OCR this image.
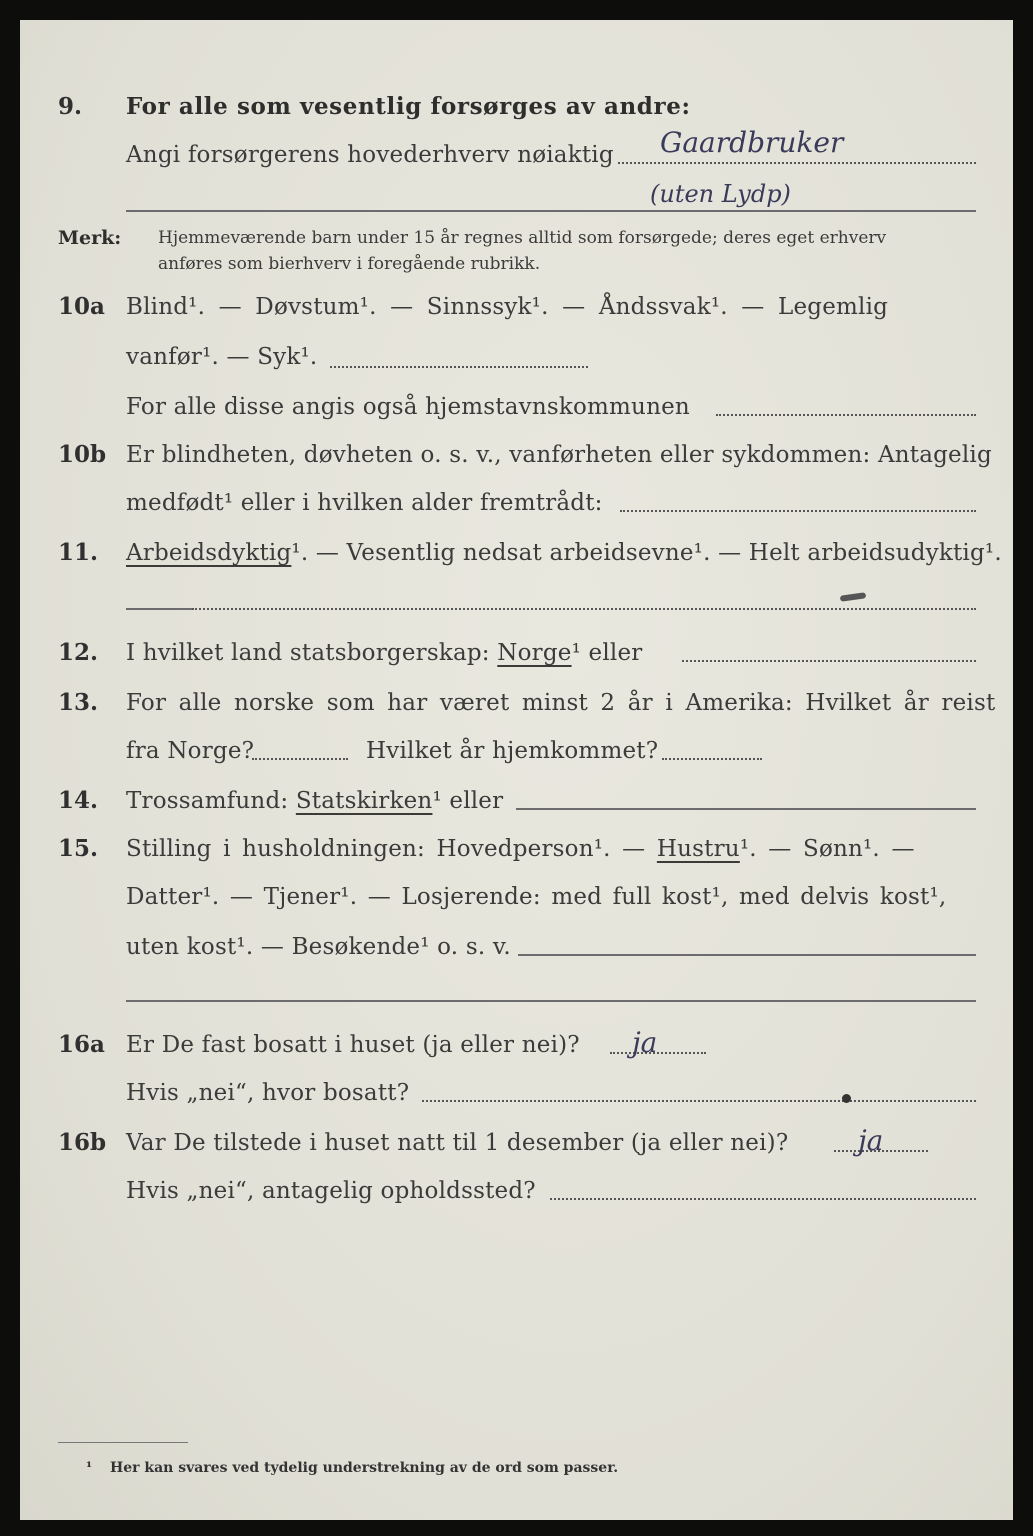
9. For alle som vesentlig forsørges av andre:
Angi forsørgerens hovederhverv nøiaktig Gaardbruker
(uten Lydp)
Merk: Hjemmeværende barn under 15 år regnes alltid som forsørgede; deres eget erhverv
anføres som bierhverv i foregående rubrikk.
10a Blind¹. — Døvstum¹. — Sinnssyk¹. — Åndssvak¹. — Legemlig
vanfør¹. — Syk¹.
For alle disse angis også hjemstavnskommunen
10b Er blindheten, døvheten o. s. v., vanførheten eller sykdommen: Antagelig
medfødt¹ eller i hvilken alder fremtrådt:
11. Arbeidsdyktig¹. — Vesentlig nedsat arbeidsevne¹. — Helt arbeidsudyktig¹.
12. I hvilket land statsborgerskap: Norge¹ eller
13. For alle norske som har været minst 2 år i Amerika: Hvilket år reist
fra Norge?	Hvilket år hjemkommet?
14. Trossamfund: Statskirken¹ eller
15. Stilling i husholdningen: Hovedperson¹. — Hustru¹. — Sønn¹. —
Datter¹. — Tjener¹. — Losjerende: med full kost¹, med delvis kost¹,
uten kost¹. — Besøkende¹ o. s. v.
16a Er De fast bosatt i huset (ja eller nei)? ja
Hvis „nei“, hvor bosatt?
16b Var De tilstede i huset natt til 1 desember (ja eller nei)? ja
Hvis „nei“, antagelig opholdssted?
¹ Her kan svares ved tydelig understrekning av de ord som passer.
